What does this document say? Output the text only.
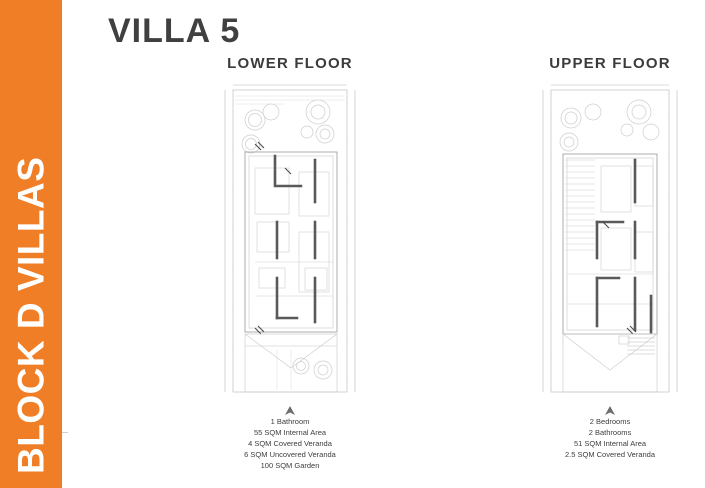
BLOCK D VILLAS
VILLA 5
LOWER FLOOR
1 Bathroom
55 SQM Internal Area
4 SQM Covered Veranda
6 SQM Uncovered Veranda
100 SQM Garden
UPPER FLOOR
2 Bedrooms
2 Bathrooms
51 SQM Internal Area
2.5 SQM Covered Veranda
